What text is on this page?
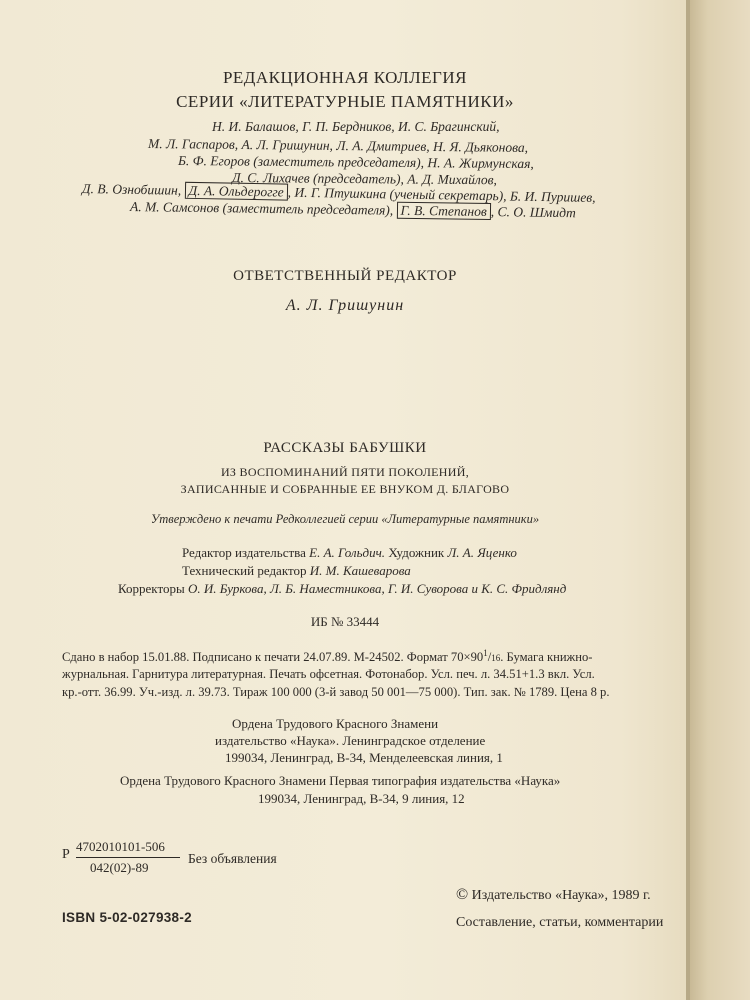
РЕДАКЦИОННАЯ КОЛЛЕГИЯ
СЕРИИ «ЛИТЕРАТУРНЫЕ ПАМЯТНИКИ»
Н. И. Балашов, Г. П. Бердников, И. С. Брагинский,
М. Л. Гаспаров, А. Л. Гришунин, Л. А. Дмитриев, Н. Я. Дьяконова,
Б. Ф. Егоров (заместитель председателя), Н. А. Жирмунская,
Д. С. Лихачев (председатель), А. Д. Михайлов,
Д. В. Ознобишин, Д. А. Ольдерогге , И. Г. Птушкина (ученый секретарь), Б. И. Пуришев,
А. М. Самсонов (заместитель председателя), Г. В. Степанов , С. О. Шмидт
ОТВЕТСТВЕННЫЙ РЕДАКТОР
А. Л. Гришунин
РАССКАЗЫ БАБУШКИ
ИЗ ВОСПОМИНАНИЙ ПЯТИ ПОКОЛЕНИЙ,
ЗАПИСАННЫЕ И СОБРАННЫЕ ЕЕ ВНУКОМ Д. БЛАГОВО
Утверждено к печати Редколлегией серии «Литературные памятники»
Редактор издательства Е. А. Гольдич. Художник Л. А. Яценко
Технический редактор И. М. Кашеварова
Корректоры О. И. Буркова, Л. Б. Наместникова, Г. И. Суворова и К. С. Фридлянд
ИБ № 33444
Сдано в набор 15.01.88. Подписано к печати 24.07.89. М-24502. Формат $70\times 90^1/16$. Бумага книжно-
журнальная. Гарнитура литературная. Печать офсетная. Фотонабор. Усл. печ. л. 34.51+1.3 вкл. Усл.
кр.-отт. 36.99. Уч.-изд. л. 39.73. Тираж 100 000 (3-й завод 50 001—75 000). Тип. зак. № 1789. Цена 8 р.
Ордена Трудового Красного Знамени
издательство «Наука». Ленинградское отделение
199034, Ленинград, В-34, Менделеевская линия, 1
Ордена Трудового Красного Знамени Первая типография издательства «Наука»
199034, Ленинград, В-34, 9 линия, 12
Р
4702010101-506
042(02)-89
Без объявления
ISBN 5-02-027938-2
© Издательство «Наука», 1989 г.
Составление, статьи, комментарии
